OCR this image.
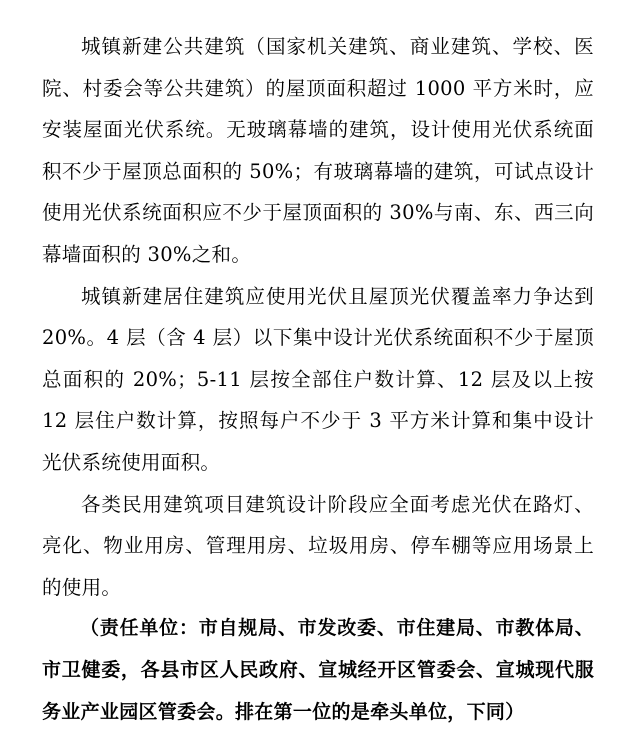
城镇新建公共建筑（国家机关建筑、商业建筑、学校、医院、村委会等公共建筑）的屋顶面积超过 1000 平方米时，应安装屋面光伏系统。无玻璃幕墙的建筑，设计使用光伏系统面积不少于屋顶总面积的 50%；有玻璃幕墙的建筑，可试点设计使用光伏系统面积应不少于屋顶面积的 30%与南、东、西三向幕墙面积的 30%之和。

城镇新建居住建筑应使用光伏且屋顶光伏覆盖率力争达到 20%。4 层（含 4 层）以下集中设计光伏系统面积不少于屋顶总面积的 20%；5-11 层按全部住户数计算、12 层及以上按 12 层住户数计算，按照每户不少于 3 平方米计算和集中设计光伏系统使用面积。

各类民用建筑项目建筑设计阶段应全面考虑光伏在路灯、亮化、物业用房、管理用房、垃圾用房、停车棚等应用场景上的使用。

（责任单位：市自规局、市发改委、市住建局、市教体局、市卫健委，各县市区人民政府、宣城经开区管委会、宣城现代服务业产业园区管委会。排在第一位的是牵头单位，下同）
